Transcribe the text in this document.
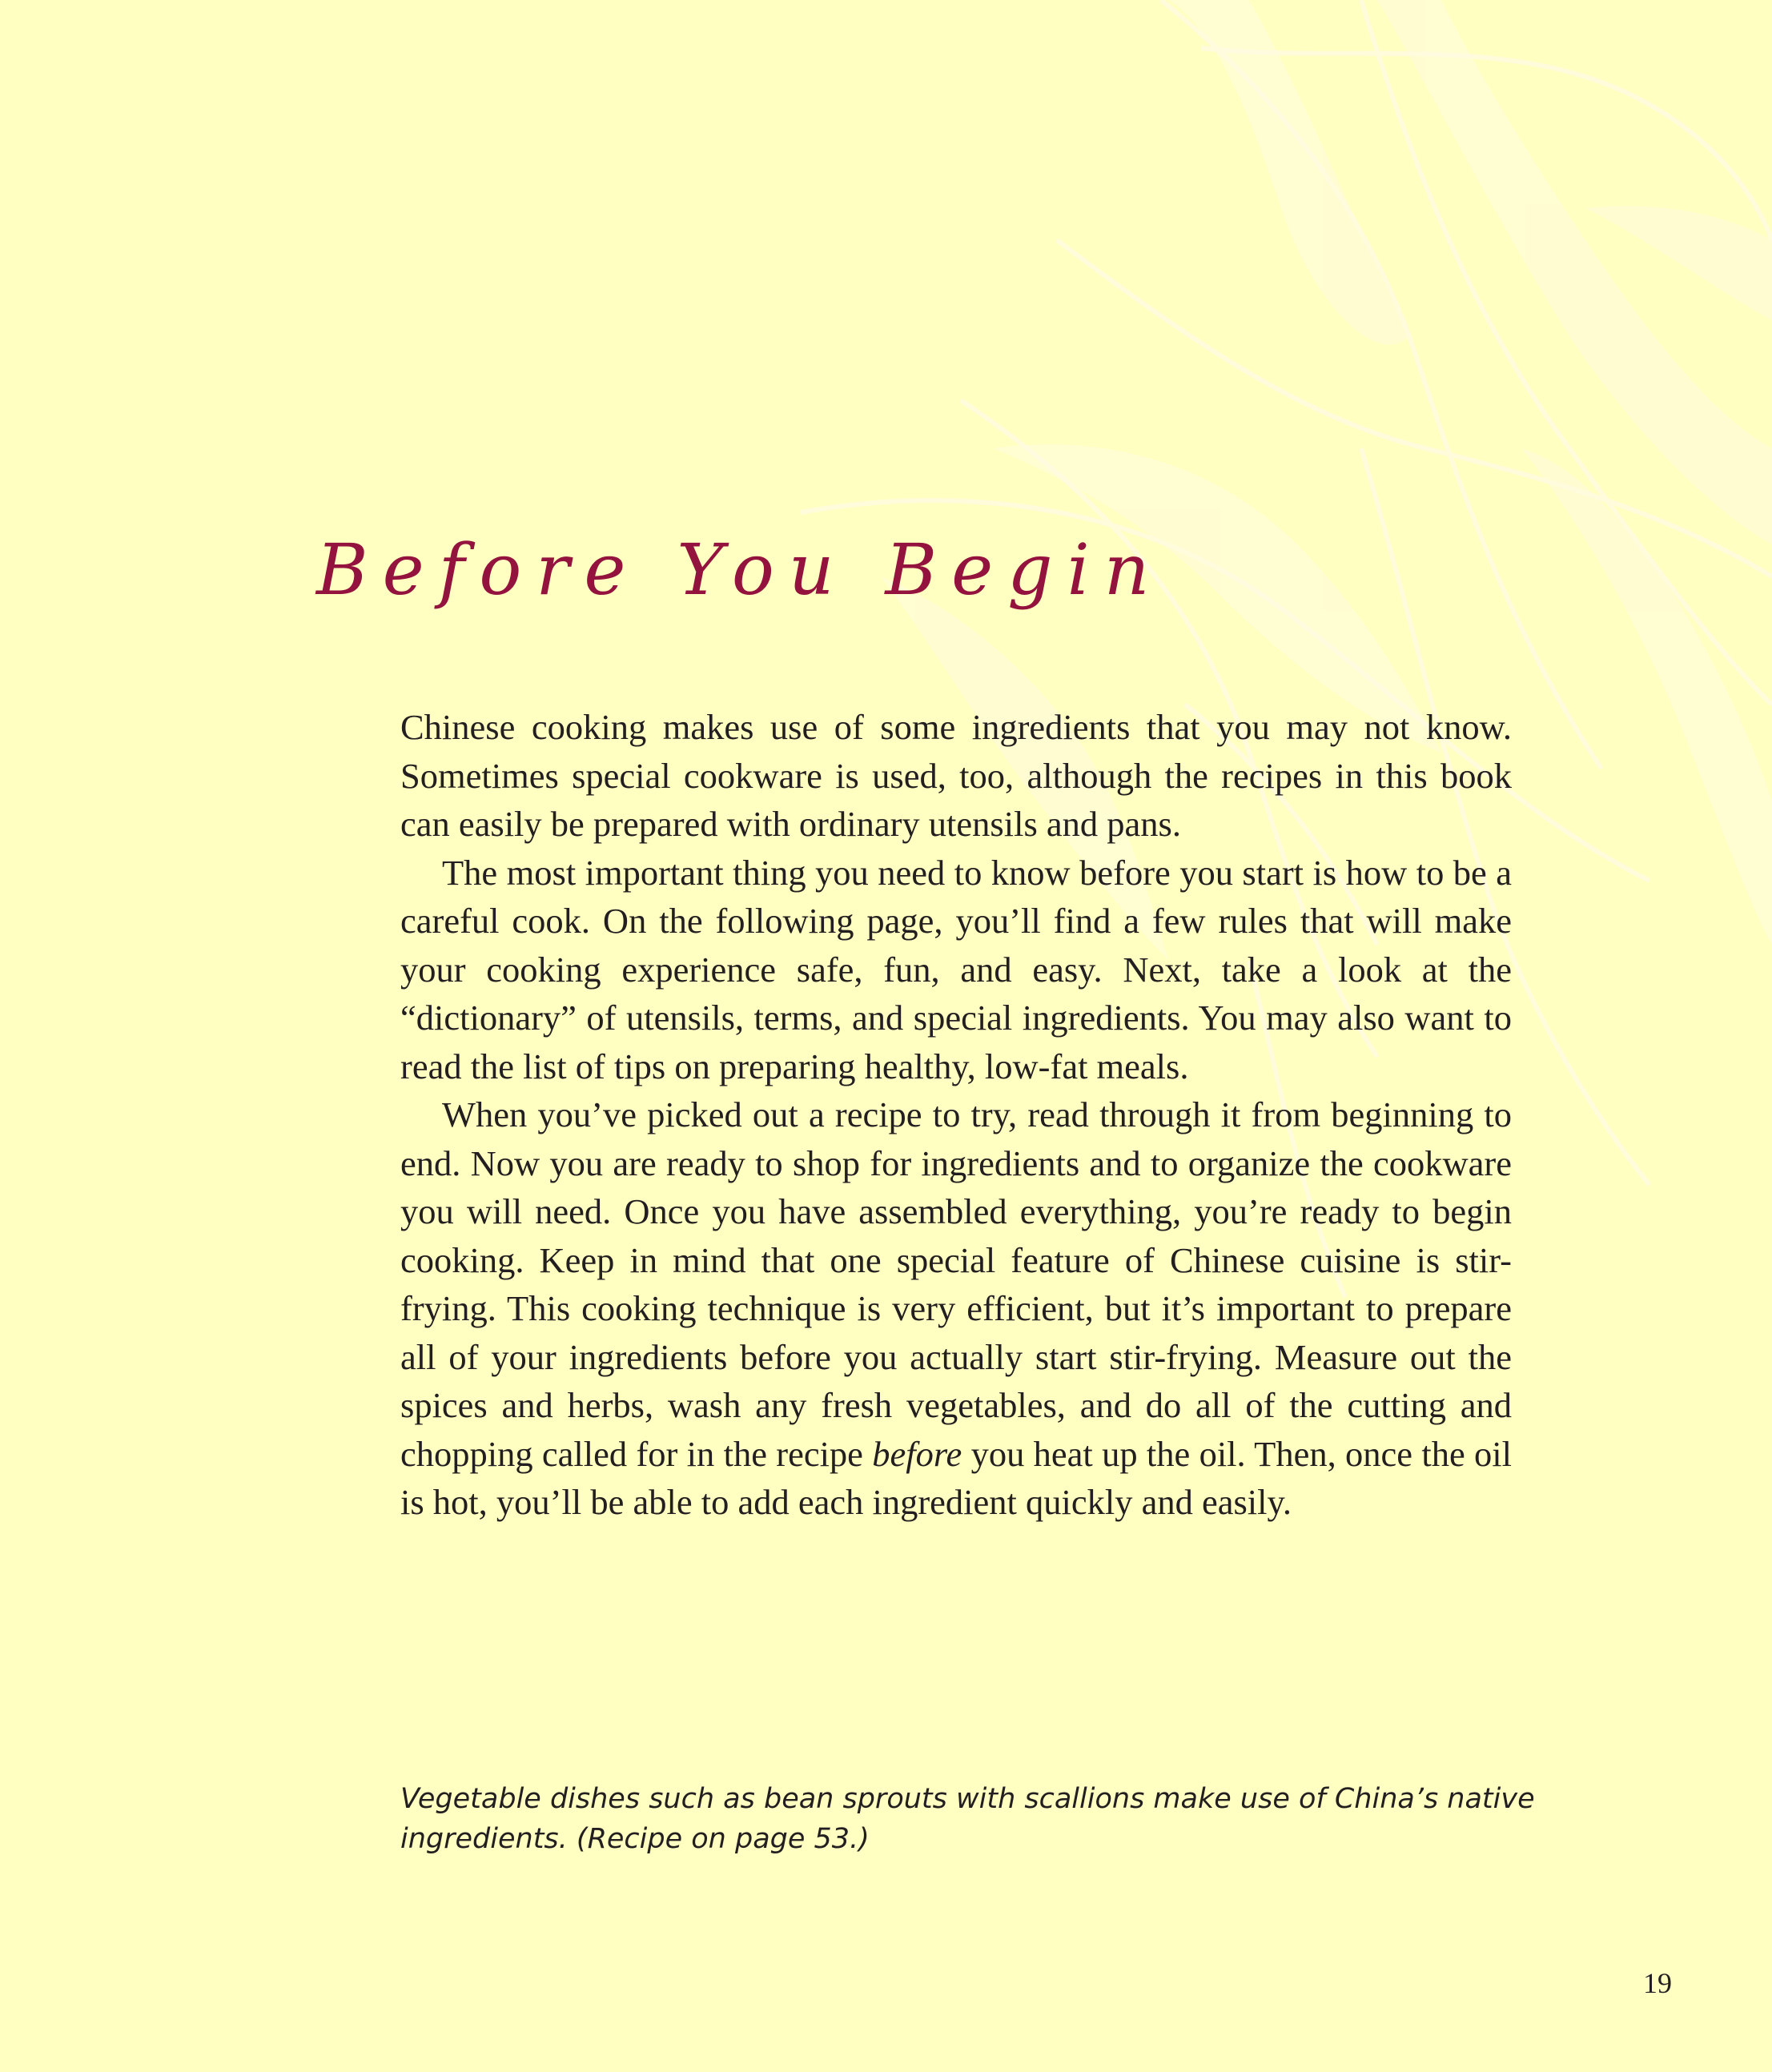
Before You Begin

Chinese cooking makes use of some ingredients that you may not know. Sometimes special cookware is used, too, although the recipes in this book can easily be prepared with ordinary utensils and pans.

The most important thing you need to know before you start is how to be a careful cook. On the following page, you’ll find a few rules that will make your cooking experience safe, fun, and easy. Next, take a look at the “dictionary” of utensils, terms, and special ingredients. You may also want to read the list of tips on preparing healthy, low-fat meals.

When you’ve picked out a recipe to try, read through it from beginning to end. Now you are ready to shop for ingredients and to organize the cookware you will need. Once you have assembled everything, you’re ready to begin cooking. Keep in mind that one special feature of Chinese cuisine is stir-frying. This cooking technique is very efficient, but it’s important to prepare all of your ingredients before you actually start stir-frying. Measure out the spices and herbs, wash any fresh vegetables, and do all of the cutting and chopping called for in the recipe before you heat up the oil. Then, once the oil is hot, you’ll be able to add each ingredient quickly and easily.

Vegetable dishes such as bean sprouts with scallions make use of China’s native ingredients. (Recipe on page 53.)

19
